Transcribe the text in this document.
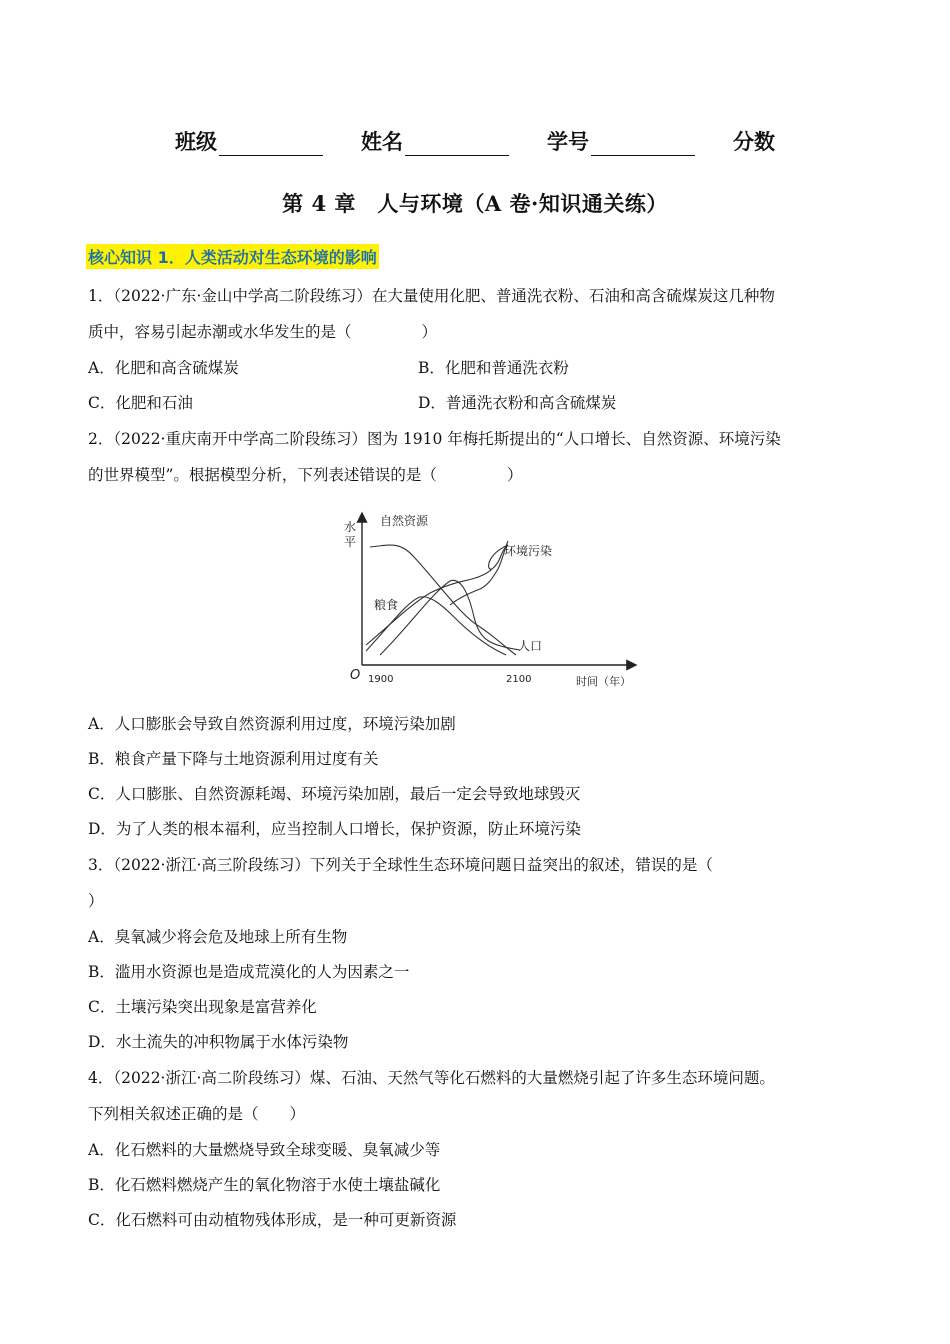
班级	姓名	学号	分数
第 4 章　人与环境（A 卷·知识通关练）
核心知识 1．人类活动对生态环境的影响
1．（2022·广东·金山中学高二阶段练习）在大量使用化肥、普通洗衣粉、石油和高含硫煤炭这几种物
质中，容易引起赤潮或水华发生的是（	）
A．化肥和高含硫煤炭	B．化肥和普通洗衣粉
C．化肥和石油	D．普通洗衣粉和高含硫煤炭
2．（2022·重庆南开中学高二阶段练习）图为 1910 年梅托斯提出的“人口增长、自然资源、环境污染
的世界模型”。根据模型分析，下列表述错误的是（	）
水
平
O 1900	2100	时间（年）
自然资源
环境污染
粮食
人口
A．人口膨胀会导致自然资源利用过度，环境污染加剧
B．粮食产量下降与土地资源利用过度有关
C．人口膨胀、自然资源耗竭、环境污染加剧，最后一定会导致地球毁灭
D．为了人类的根本福利，应当控制人口增长，保护资源，防止环境污染
3．（2022·浙江·高三阶段练习）下列关于全球性生态环境问题日益突出的叙述，错误的是（
）
A．臭氧减少将会危及地球上所有生物
B．滥用水资源也是造成荒漠化的人为因素之一
C．土壤污染突出现象是富营养化
D．水土流失的冲积物属于水体污染物
4．（2022·浙江·高二阶段练习）煤、石油、天然气等化石燃料的大量燃烧引起了许多生态环境问题。
下列相关叙述正确的是（　　）
A．化石燃料的大量燃烧导致全球变暖、臭氧减少等
B．化石燃料燃烧产生的氧化物溶于水使土壤盐碱化
C．化石燃料可由动植物残体形成，是一种可更新资源
